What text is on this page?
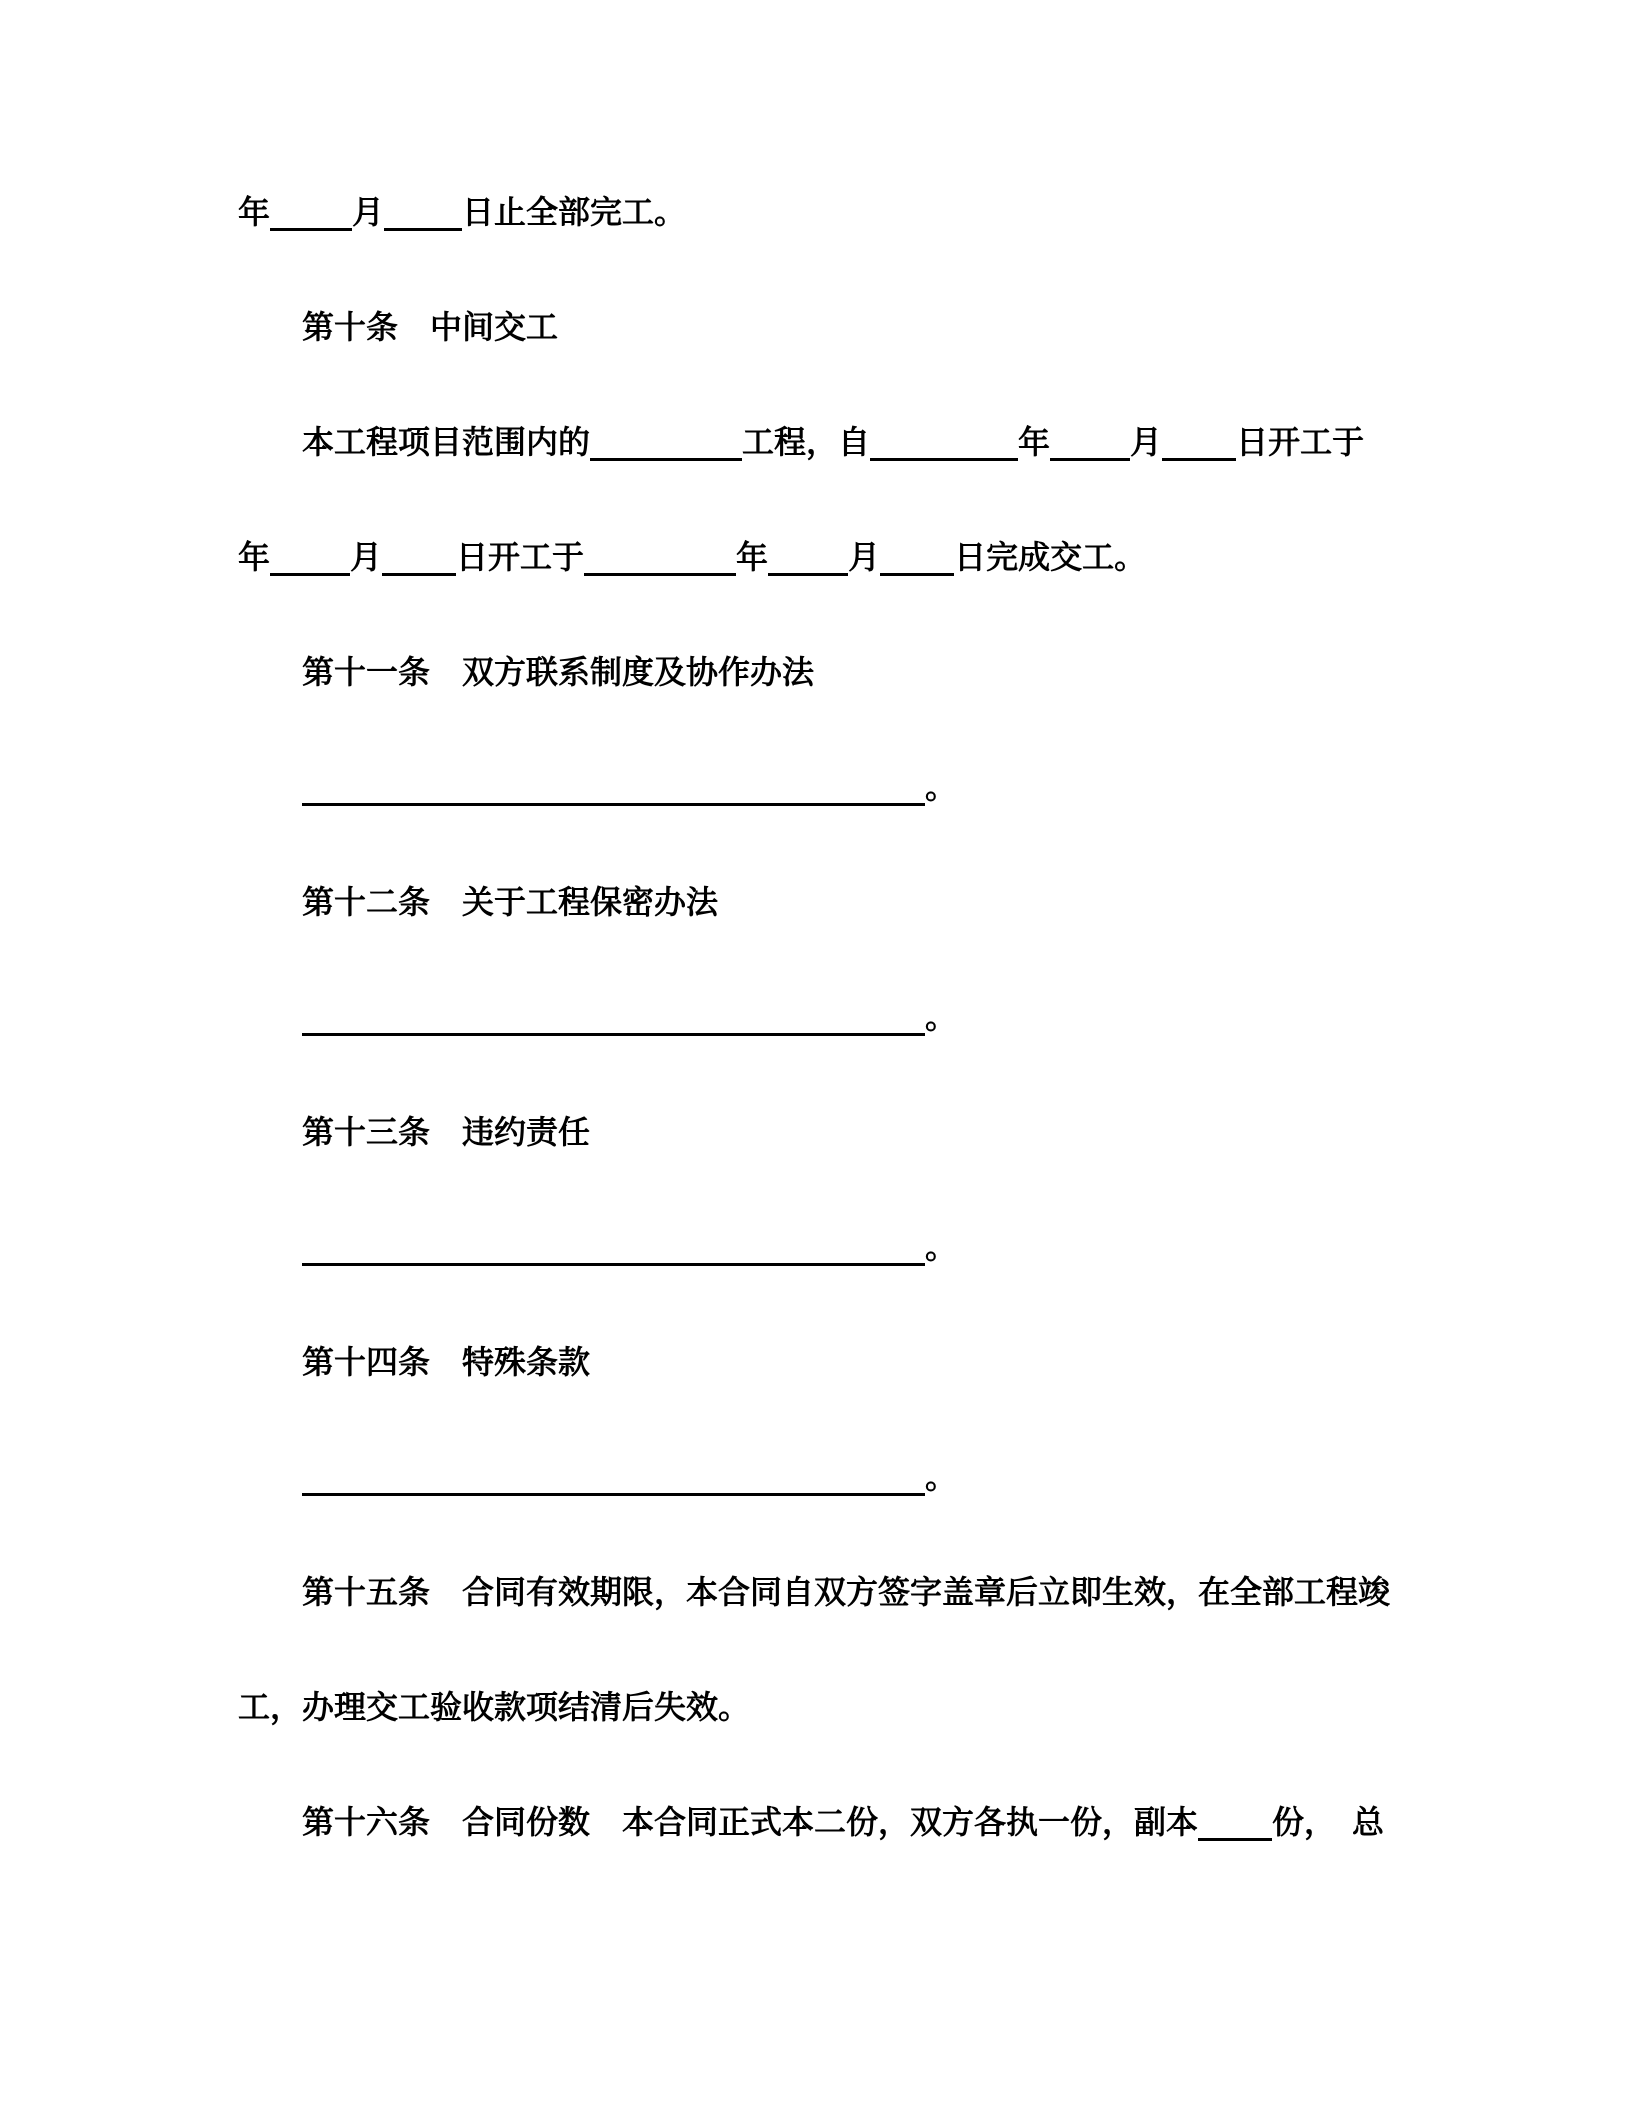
年	月 日止全部完工。
第十条　中间交工
本工程项目范围内的	工程，自	年	月 日开工于
年	月 日开工于	年	月 日完成交工。
第十一条　双方联系制度及协作办法
。
第十二条　关于工程保密办法
。
第十三条　违约责任
。
第十四条　特殊条款
。
第十五条　合同有效期限，本合同自双方签字盖章后立即生效，在全部工程竣
工，办理交工验收款项结清后失效。
第十六条　合同份数　本合同正式本二份，双方各执一份，副本 份，　总
